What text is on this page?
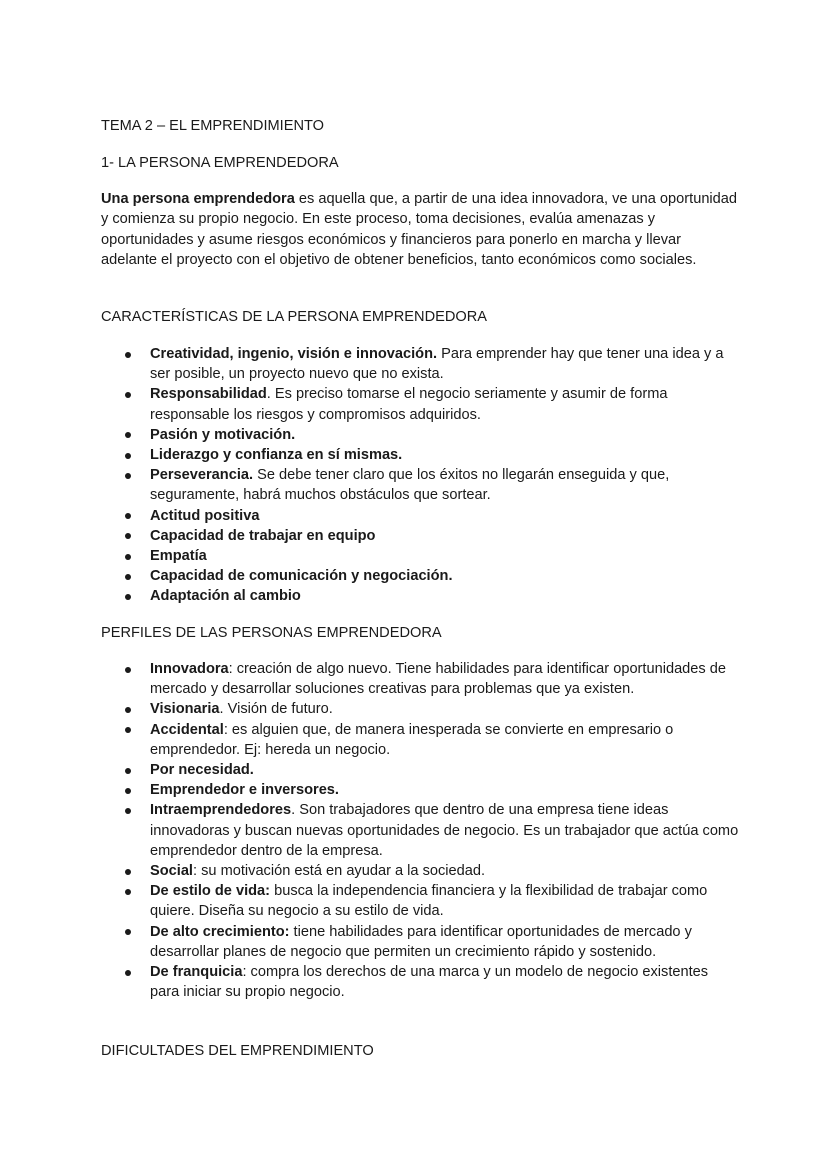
TEMA 2 – EL EMPRENDIMIENTO
1- LA PERSONA EMPRENDEDORA
Una persona emprendedora es aquella que, a partir de una idea innovadora, ve una oportunidad y comienza su propio negocio. En este proceso, toma decisiones, evalúa amenazas y oportunidades y asume riesgos económicos y financieros para ponerlo en marcha y llevar adelante el proyecto con el objetivo de obtener beneficios, tanto económicos como sociales.
CARACTERÍSTICAS DE LA PERSONA EMPRENDEDORA
Creatividad, ingenio, visión e innovación. Para emprender hay que tener una idea y a ser posible, un proyecto nuevo que no exista.
Responsabilidad. Es preciso tomarse el negocio seriamente y asumir de forma responsable los riesgos y compromisos adquiridos.
Pasión y motivación.
Liderazgo y confianza en sí mismas.
Perseverancia. Se debe tener claro que los éxitos no llegarán enseguida y que, seguramente, habrá muchos obstáculos que sortear.
Actitud positiva
Capacidad de trabajar en equipo
Empatía
Capacidad de comunicación y negociación.
Adaptación al cambio
PERFILES DE LAS PERSONAS EMPRENDEDORA
Innovadora: creación de algo nuevo. Tiene habilidades para identificar oportunidades de mercado y desarrollar soluciones creativas para problemas que ya existen.
Visionaria. Visión de futuro.
Accidental: es alguien que, de manera inesperada se convierte en empresario o emprendedor. Ej: hereda un negocio.
Por necesidad.
Emprendedor e inversores.
Intraemprendedores. Son trabajadores que dentro de una empresa tiene ideas innovadoras y buscan nuevas oportunidades de negocio. Es un trabajador que actúa como emprendedor dentro de la empresa.
Social: su motivación está en ayudar a la sociedad.
De estilo de vida: busca la independencia financiera y la flexibilidad de trabajar como quiere. Diseña su negocio a su estilo de vida.
De alto crecimiento: tiene habilidades para identificar oportunidades de mercado y desarrollar planes de negocio que permiten un crecimiento rápido y sostenido.
De franquicia: compra los derechos de una marca y un modelo de negocio existentes para iniciar su propio negocio.
DIFICULTADES DEL EMPRENDIMIENTO
